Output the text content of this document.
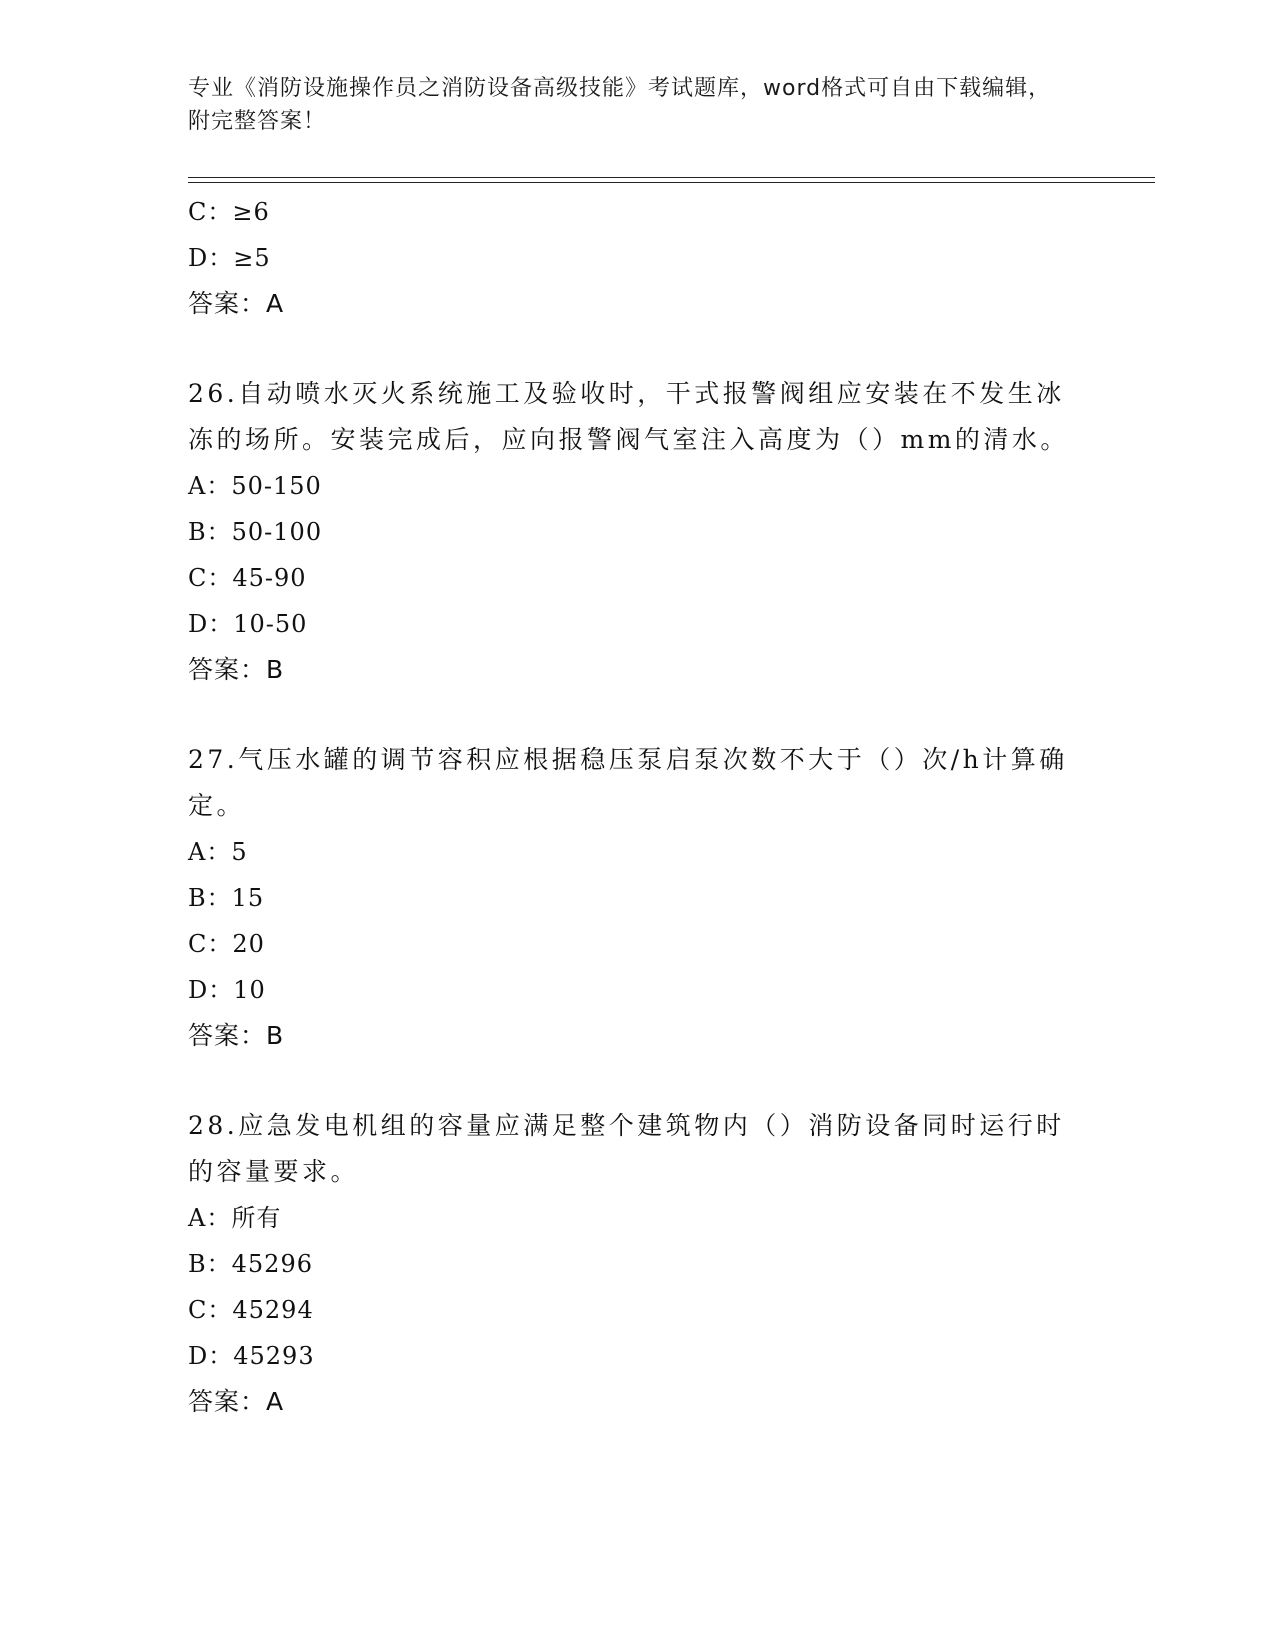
专业《消防设施操作员之消防设备高级技能》考试题库，word格式可自由下载编辑，附完整答案！
C：≥6
D：≥5
答案：A
26.自动喷水灭火系统施工及验收时，干式报警阀组应安装在不发生冰冻的场所。安装完成后，应向报警阀气室注入高度为（）mm的清水。
A：50-150
B：50-100
C：45-90
D：10-50
答案：B
27.气压水罐的调节容积应根据稳压泵启泵次数不大于（）次/h计算确定。
A：5
B：15
C：20
D：10
答案：B
28.应急发电机组的容量应满足整个建筑物内（）消防设备同时运行时的容量要求。
A：所有
B：45296
C：45294
D：45293
答案：A
